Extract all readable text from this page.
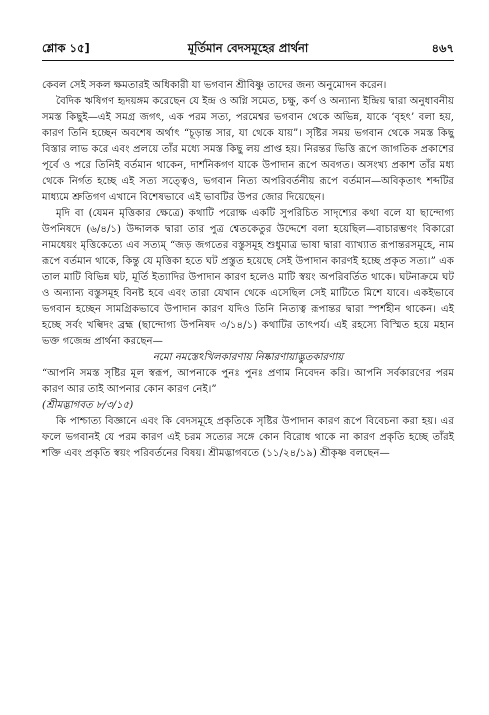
শ্লোক ১৫]	মূর্তিমান বেদসমূহের প্রার্থনা	৪৬৭

কেবল সেই সকল ক্ষমতারই অধিকারী যা ভগবান শ্রীবিষ্ণু তাদের জন্য অনুমোদন করেন।

বৈদিক ঋষিগণ হৃদয়ঙ্গম করেছেন যে ইন্দ্র ও অগ্নি সমেত, চক্ষু, কর্ণ ও অন্যান্য ইন্দ্রিয় দ্বারা অনুধাবনীয় সমস্ত কিছুই—এই সমগ্র জগৎ, এক পরম সত্য, পরমেশ্বর ভগবান থেকে অভিন্ন, যাকে ‘বৃহৎ’ বলা হয়, কারণ তিনি হচ্ছেন অবশেষ অর্থাৎ “চূড়ান্ত সার, যা থেকে যায়”। সৃষ্টির সময় ভগবান থেকে সমস্ত কিছু বিস্তার লাভ করে এবং প্রলয়ে তাঁর মধ্যে সমস্ত কিছু লয় প্রাপ্ত হয়। নিরন্তর ভিত্তি রূপে জাগতিক প্রকাশের পূর্বে ও পরে তিনিই বর্তমান থাকেন, দার্শনিকগণ যাকে উপাদান রূপে অবগত। অসংখ্য প্রকাশ তাঁর মধ্য থেকে নির্গত হচ্ছে এই সত্য সত্ত্বেও, ভগবান নিত্য অপরিবর্তনীয় রূপে বর্তমান—অবিকৃতাৎ শব্দটির মাধ্যমে শ্রুতিগণ এখানে বিশেষভাবে এই ভাবটির উপর জোর দিয়েছেন।

মৃদি বা (যেমন মৃত্তিকার ক্ষেত্রে) কথাটি পরোক্ষ একটি সুপরিচিত সাদৃশ্যের কথা বলে যা ছান্দোগ্য উপনিষদে (৬/৪/১) উদ্দালক দ্বারা তার পুত্র শ্বেতকেতুর উদ্দেশে বলা হয়েছিল—বাচারম্ভণং বিকারো নামধেয়ং মৃত্তিকেত্যে এব সত্যম্ “জড় জগতের বস্তুসমূহ শুধুমাত্র ভাষা দ্বারা ব্যাখ্যাত রূপান্তরসমূহে, নাম রূপে বর্তমান থাকে, কিন্তু যে মৃত্তিকা হতে ঘট প্রস্তুত হয়েছে সেই উপাদান কারণই হচ্ছে প্রকৃত সত্য।” এক তাল মাটি বিভিন্ন ঘট, মূর্তি ইত্যাদির উপাদান কারণ হলেও মাটি স্বয়ং অপরিবর্তিত থাকে। ঘটনাক্রমে ঘট ও অন্যান্য বস্তুসমূহ বিনষ্ট হবে এবং তারা যেখান থেকে এসেছিল সেই মাটিতে মিশে যাবে। একইভাবে ভগবান হচ্ছেন সামগ্রিকভাবে উপাদান কারণ যদিও তিনি নিত্যত্ব রূপান্তর দ্বারা স্পর্শহীন থাকেন। এই হচ্ছে সর্বং খল্বিদং ব্রহ্ম (ছান্দোগ্য উপনিষদ ৩/১৪/১) কথাটির তাৎপর্য। এই রহস্যে বিস্মিত হয়ে মহান ভক্ত গজেন্দ্র প্রার্থনা করছেন—

নমো নমস্তেঽখিলকারণায় নিষ্কারণায়াদ্ভুতকারণায়

“আপনি সমস্ত সৃষ্টির মূল স্বরূপ, আপনাকে পুনঃ পুনঃ প্রণাম নিবেদন করি। আপনি সর্বকারণের পরম কারণ আর তাই আপনার কোন কারণ নেই।”

(শ্রীমদ্ভাগবত ৮/৩/১৫)

কি পাশ্চাত্য বিজ্ঞানে এবং কি বেদসমূহে প্রকৃতিকে সৃষ্টির উপাদান কারণ রূপে বিবেচনা করা হয়। এর ফলে ভগবানই যে পরম কারণ এই চরম সত্যের সঙ্গে কোন বিরোধ থাকে না কারণ প্রকৃতি হচ্ছে তাঁরই শক্তি এবং প্রকৃতি স্বয়ং পরিবর্তনের বিষয়। শ্রীমদ্ভাগবতে (১১/২৪/১৯) শ্রীকৃষ্ণ বলছেন—
